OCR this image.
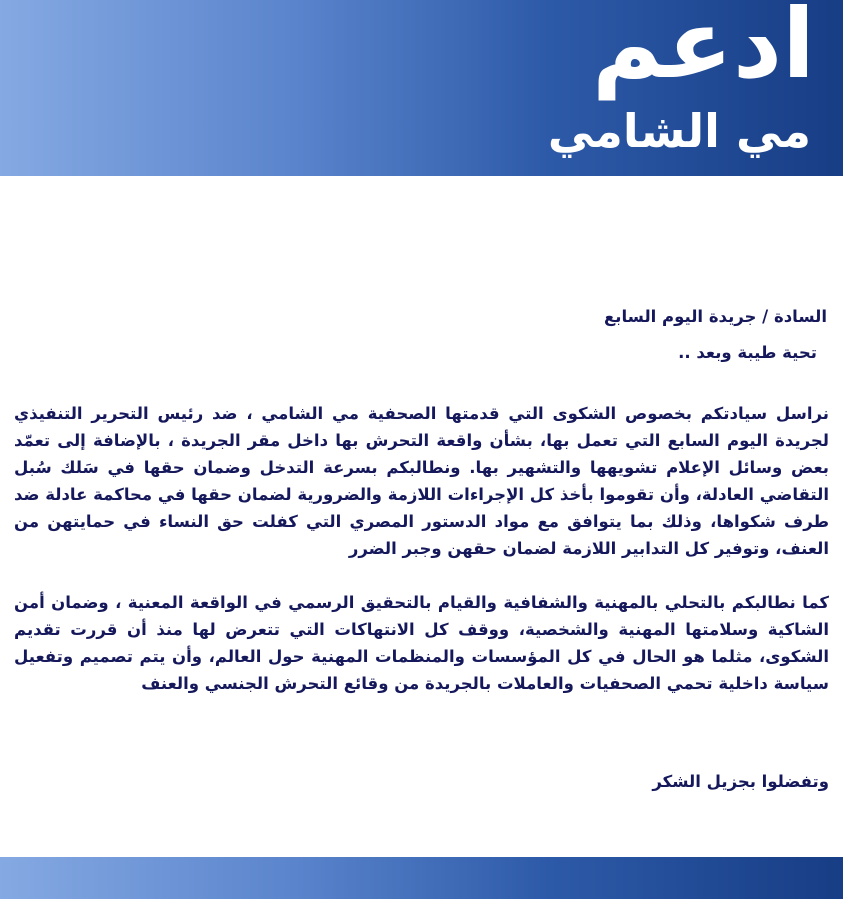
ادعم
مي الشامي

السادة / جريدة اليوم السابع

تحية طيبة وبعد ..

نراسل سيادتكم بخصوص الشكوى التي قدمتها الصحفية مي الشامي ، ضد رئيس التحرير التنفيذي لجريدة اليوم السابع التي تعمل بها، بشأن واقعة التحرش بها داخل مقر الجريدة ، بالإضافة إلى تعمّد بعض وسائل الإعلام تشويهها والتشهير بها. ونطالبكم بسرعة التدخل وضمان حقها في سَلك سُبل التقاضي العادلة، وأن تقوموا بأخذ كل الإجراءات اللازمة والضرورية لضمان حقها في محاكمة عادلة ضد طرف شكواها، وذلك بما يتوافق مع مواد الدستور المصري التي كفلت حق النساء في حمايتهن من العنف، وتوفير كل التدابير اللازمة لضمان حقهن وجبر الضرر

كما نطالبكم بالتحلي بالمهنية والشفافية والقيام بالتحقيق الرسمي في الواقعة المعنية ، وضمان أمن الشاكية وسلامتها المهنية والشخصية، ووقف كل الانتهاكات التي تتعرض لها منذ أن قررت تقديم الشكوى، مثلما هو الحال في كل المؤسسات والمنظمات المهنية حول العالم، وأن يتم تصميم وتفعيل سياسة داخلية تحمي الصحفيات والعاملات بالجريدة من وقائع التحرش الجنسي والعنف

وتفضلوا بجزيل الشكر
